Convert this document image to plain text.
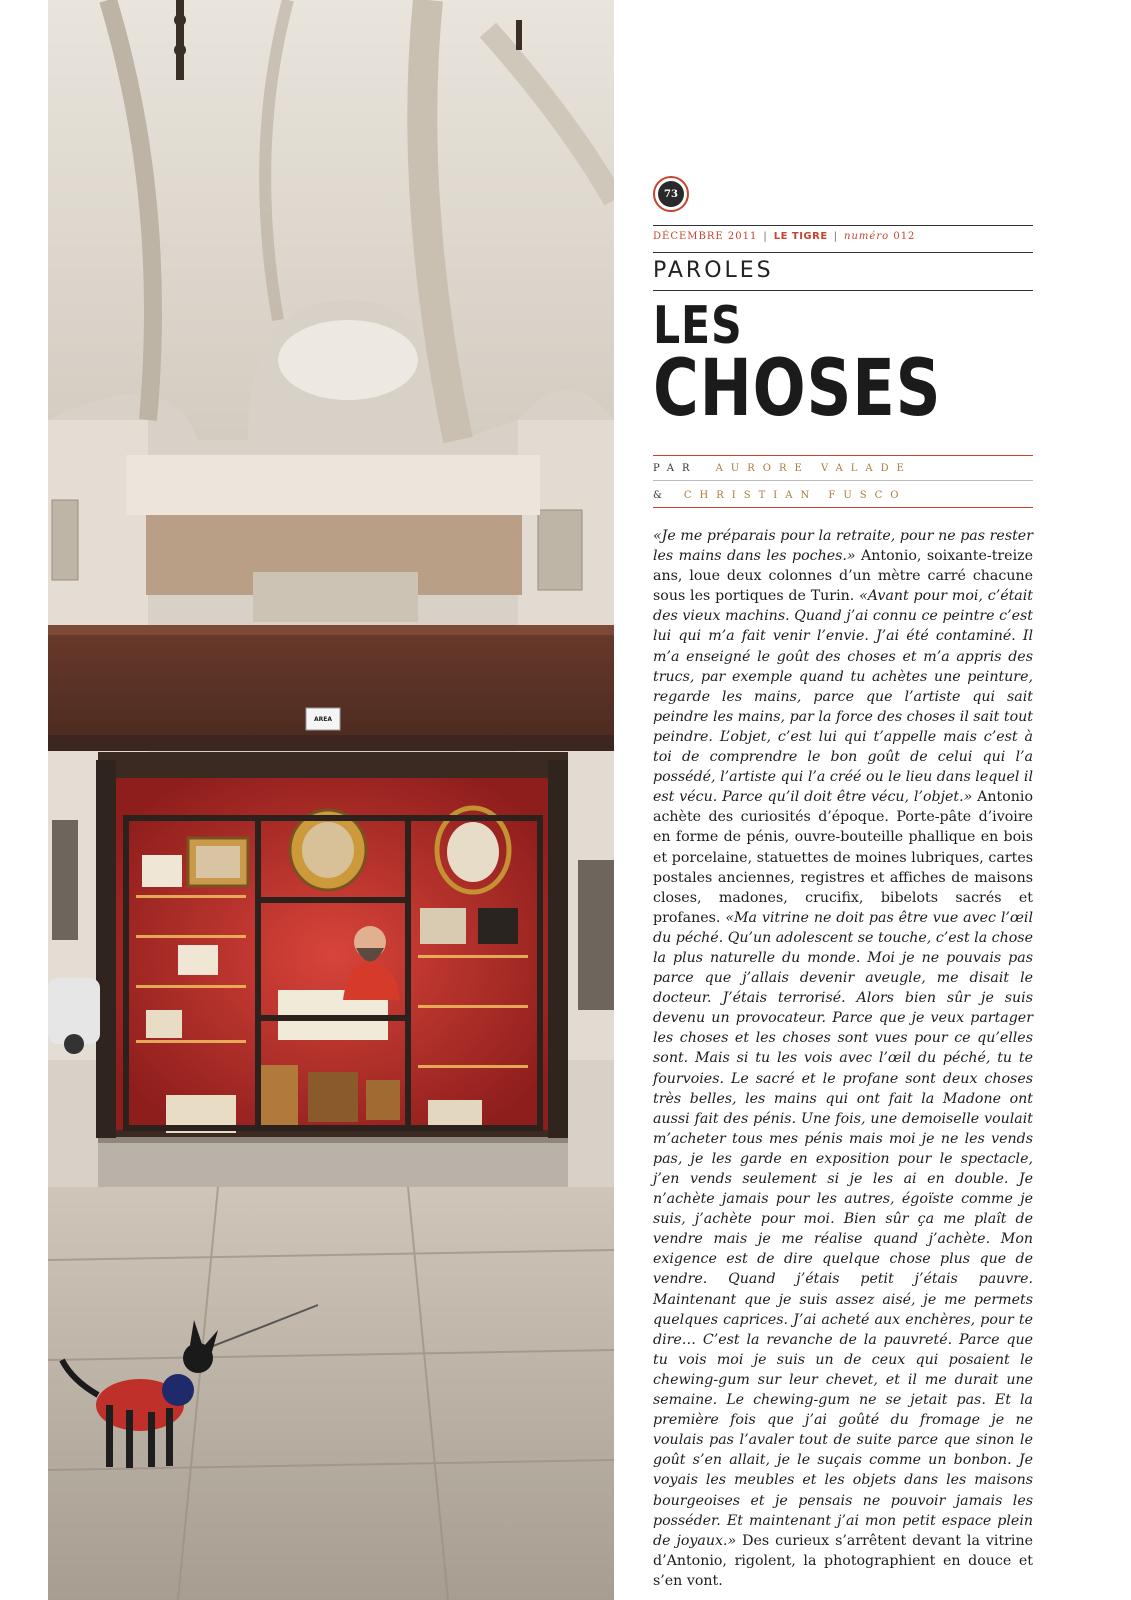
AREA
73
DÉCEMBRE 2011 | LE TIGRE | numéro 012
PAROLES
LES
CHOSES
PAR AURORE VALADE
& CHRISTIAN FUSCO
«Je me préparais pour la retraite, pour ne pas rester les mains dans les poches.» Antonio, soixante-treize ans, loue deux colonnes d’un mètre carré chacune sous les portiques de Turin. «Avant pour moi, c’était des vieux machins. Quand j’ai connu ce peintre c’est lui qui m’a fait venir l’envie. J’ai été contaminé. Il m’a enseigné le goût des choses et m’a appris des trucs, par exemple quand tu achètes une peinture, regarde les mains, parce que l’artiste qui sait peindre les mains, par la force des choses il sait tout peindre. L’objet, c’est lui qui t’appelle mais c’est à toi de comprendre le bon goût de celui qui l’a possédé, l’artiste qui l’a créé ou le lieu dans lequel il est vécu. Parce qu’il doit être vécu, l’objet.» Antonio achète des curiosités d’époque. Porte-pâte d’ivoire en forme de pénis, ouvre-bouteille phallique en bois et porcelaine, statuettes de moines lubriques, cartes postales anciennes, registres et affiches de maisons closes, madones, crucifix, bibelots sacrés et profanes. «Ma vitrine ne doit pas être vue avec l’œil du péché. Qu’un adolescent se touche, c’est la chose la plus naturelle du monde. Moi je ne pouvais pas parce que j’allais devenir aveugle, me disait le docteur. J’étais terrorisé. Alors bien sûr je suis devenu un provocateur. Parce que je veux partager les choses et les choses sont vues pour ce qu’elles sont. Mais si tu les vois avec l’œil du péché, tu te fourvoies. Le sacré et le profane sont deux choses très belles, les mains qui ont fait la Madone ont aussi fait des pénis. Une fois, une demoiselle voulait m’acheter tous mes pénis mais moi je ne les vends pas, je les garde en exposition pour le spectacle, j’en vends seulement si je les ai en double. Je n’achète jamais pour les autres, égoïste comme je suis, j’achète pour moi. Bien sûr ça me plaît de vendre mais je me réalise quand j’achète. Mon exigence est de dire quelque chose plus que de vendre. Quand j’étais petit j’étais pauvre. Maintenant que je suis assez aisé, je me permets quelques caprices. J’ai acheté aux enchères, pour te dire… C’est la revanche de la pauvreté. Parce que tu vois moi je suis un de ceux qui posaient le chewing-gum sur leur chevet, et il me durait une semaine. Le chewing-gum ne se jetait pas. Et la première fois que j’ai goûté du fromage je ne voulais pas l’avaler tout de suite parce que sinon le goût s’en allait, je le suçais comme un bonbon. Je voyais les meubles et les objets dans les maisons bourgeoises et je pensais ne pouvoir jamais les posséder. Et maintenant j’ai mon petit espace plein de joyaux.» Des curieux s’arrêtent devant la vitrine d’Antonio, rigolent, la photographient en douce et s’en vont.
